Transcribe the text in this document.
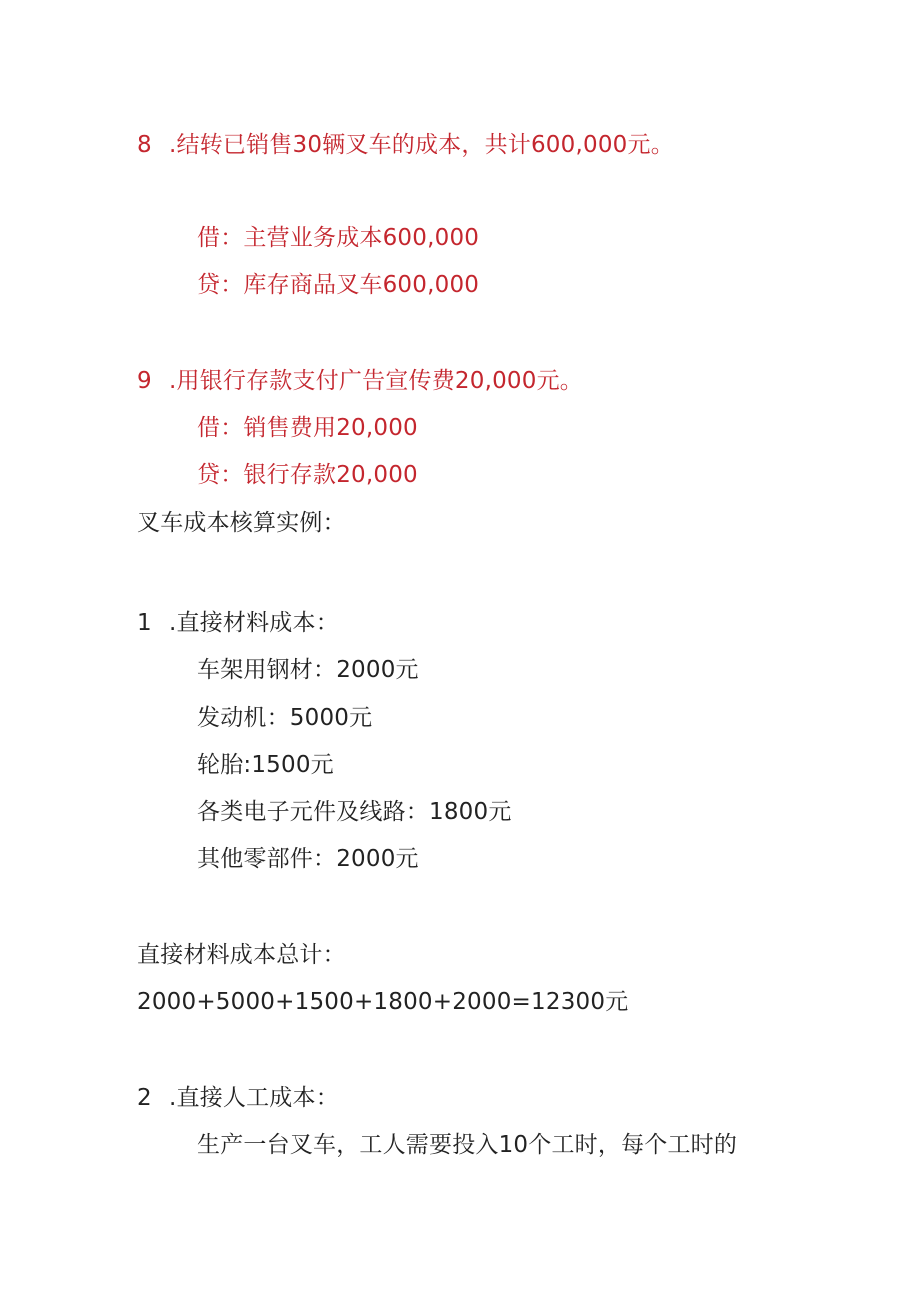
8 .结转已销售30辆叉车的成本，共计600,000元。
借：主营业务成本600,000
贷：库存商品叉车600,000
9 .用银行存款支付广告宣传费20,000元。
借：销售费用20,000
贷：银行存款20,000
叉车成本核算实例：
1 .直接材料成本：
车架用钢材：2000元
发动机：5000元
轮胎:1500元
各类电子元件及线路：1800元
其他零部件：2000元
直接材料成本总计：
2000+5000+1500+1800+2000=12300元
2 .直接人工成本：
生产一台叉车，工人需要投入10个工时，每个工时的
